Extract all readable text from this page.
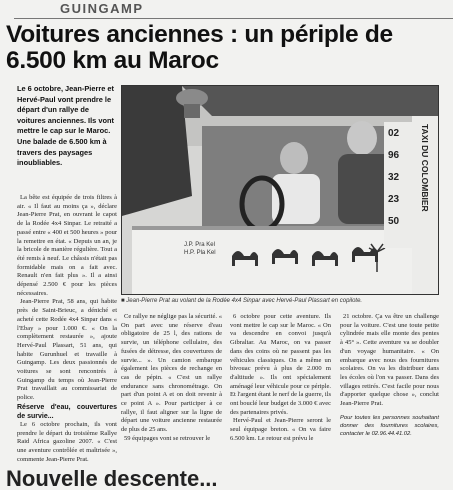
GUINGAMP
Voitures anciennes : un périple de 6.500 km au Maroc
Le 6 octobre, Jean-Pierre et Hervé-Paul vont prendre le départ d'un rallye de voitures anciennes. Ils vont mettre le cap sur le Maroc. Une balade de 6.500 km à travers des paysages inoubliables.

La bête est équipée de trois filtres à air. « Il faut au moins ça », déclare Jean-Pierre Prat, en ouvrant le capot de la Rodée 4x4 Sinpar. Le retraité a passé entre « 400 et 500 heures » pour la remettre en état. « Depuis un an, je la bricole de manière régulière. Tout a été remis à neuf. Le châssis n'était pas formidable mais on a fait avec. Renault n'en fait plus ». Il a ainsi dépensé 2.500 € pour les pièces nécessaires.

Jean-Pierre Prat, 58 ans, qui habite près de Saint-Brieuc, a déniché et acheté cette Rodée 4x4 Sinpar dans « l'Ebay » pour 1.000 €. « On la complètement restaurée », ajoute Hervé-Paul Plassart, 51 ans, qui habite Gurunhuel et travaille à Guingamp. Les deux passionnés de voitures se sont rencontrés à Guingamp du temps où Jean-Pierre Prat travaillait au commissariat de police.

Réserve d'eau, couvertures de survie...

Le 6 octobre prochain, ils vont prendre le départ du troisième Rallye Raid Africa gazoline 2007. « C'est une aventure contrôlée et maîtrisée », commente Jean-Pierre Prat.

J.P. Pra Kel
H.P. Pla Kel
02
96
32
23
50
TAXI DU COLOMBIER
■ Jean-Pierre Prat au volant de la Rodée 4x4 Sinpar avec Hervé-Paul Plassart en copilote.

Ce rallye ne néglige pas la sécurité. « On part avec une réserve d'eau obligatoire de 25 l, des rations de survie, un téléphone cellulaire, des fusées de détresse, des couvertures de survie... ». Un camion embarque également les pièces de rechange en cas de pépin. « C'est un rallye endurance sans chronométrage. On part d'un point A et on doit revenir à ce point A ». Pour participer à ce rallye, il faut aligner sur la ligne de départ une voiture ancienne restaurée de plus de 25 ans.

59 équipages vont se retrouver le

6 octobre pour cette aventure. Ils vont mettre le cap sur le Maroc. « On va descendre en convoi jusqu'à Gibraltar. Au Maroc, on va passer dans des coins où ne passent pas les véhicules classiques. On a même un bivouac prévu à plus de 2.000 m d'altitude ». Ils ont spécialement aménagé leur véhicule pour ce périple. Et l'argent étant le nerf de la guerre, ils ont bouclé leur budget de 3.000 € avec des partenaires privés.

Hervé-Paul et Jean-Pierre seront le seul équipage breton. « On va faire 6.500 km. Le retour est prévu le

21 octobre. Ça va être un challenge pour la voiture. C'est une toute petite cylindrée mais elle monte des pentes à 45° ». Cette aventure va se doubler d'un voyage humanitaire. « On embarque avec nous des fournitures scolaires. On va les distribuer dans les écoles où l'on va passer. Dans des villages retirés. C'est facile pour nous d'apporter quelque chose », conclut Jean-Pierre Prat.

Pour toutes les personnes souhaitant donner des fournitures scolaires, contacter le 02.96.44.41.02.

Nouvelle descente...
